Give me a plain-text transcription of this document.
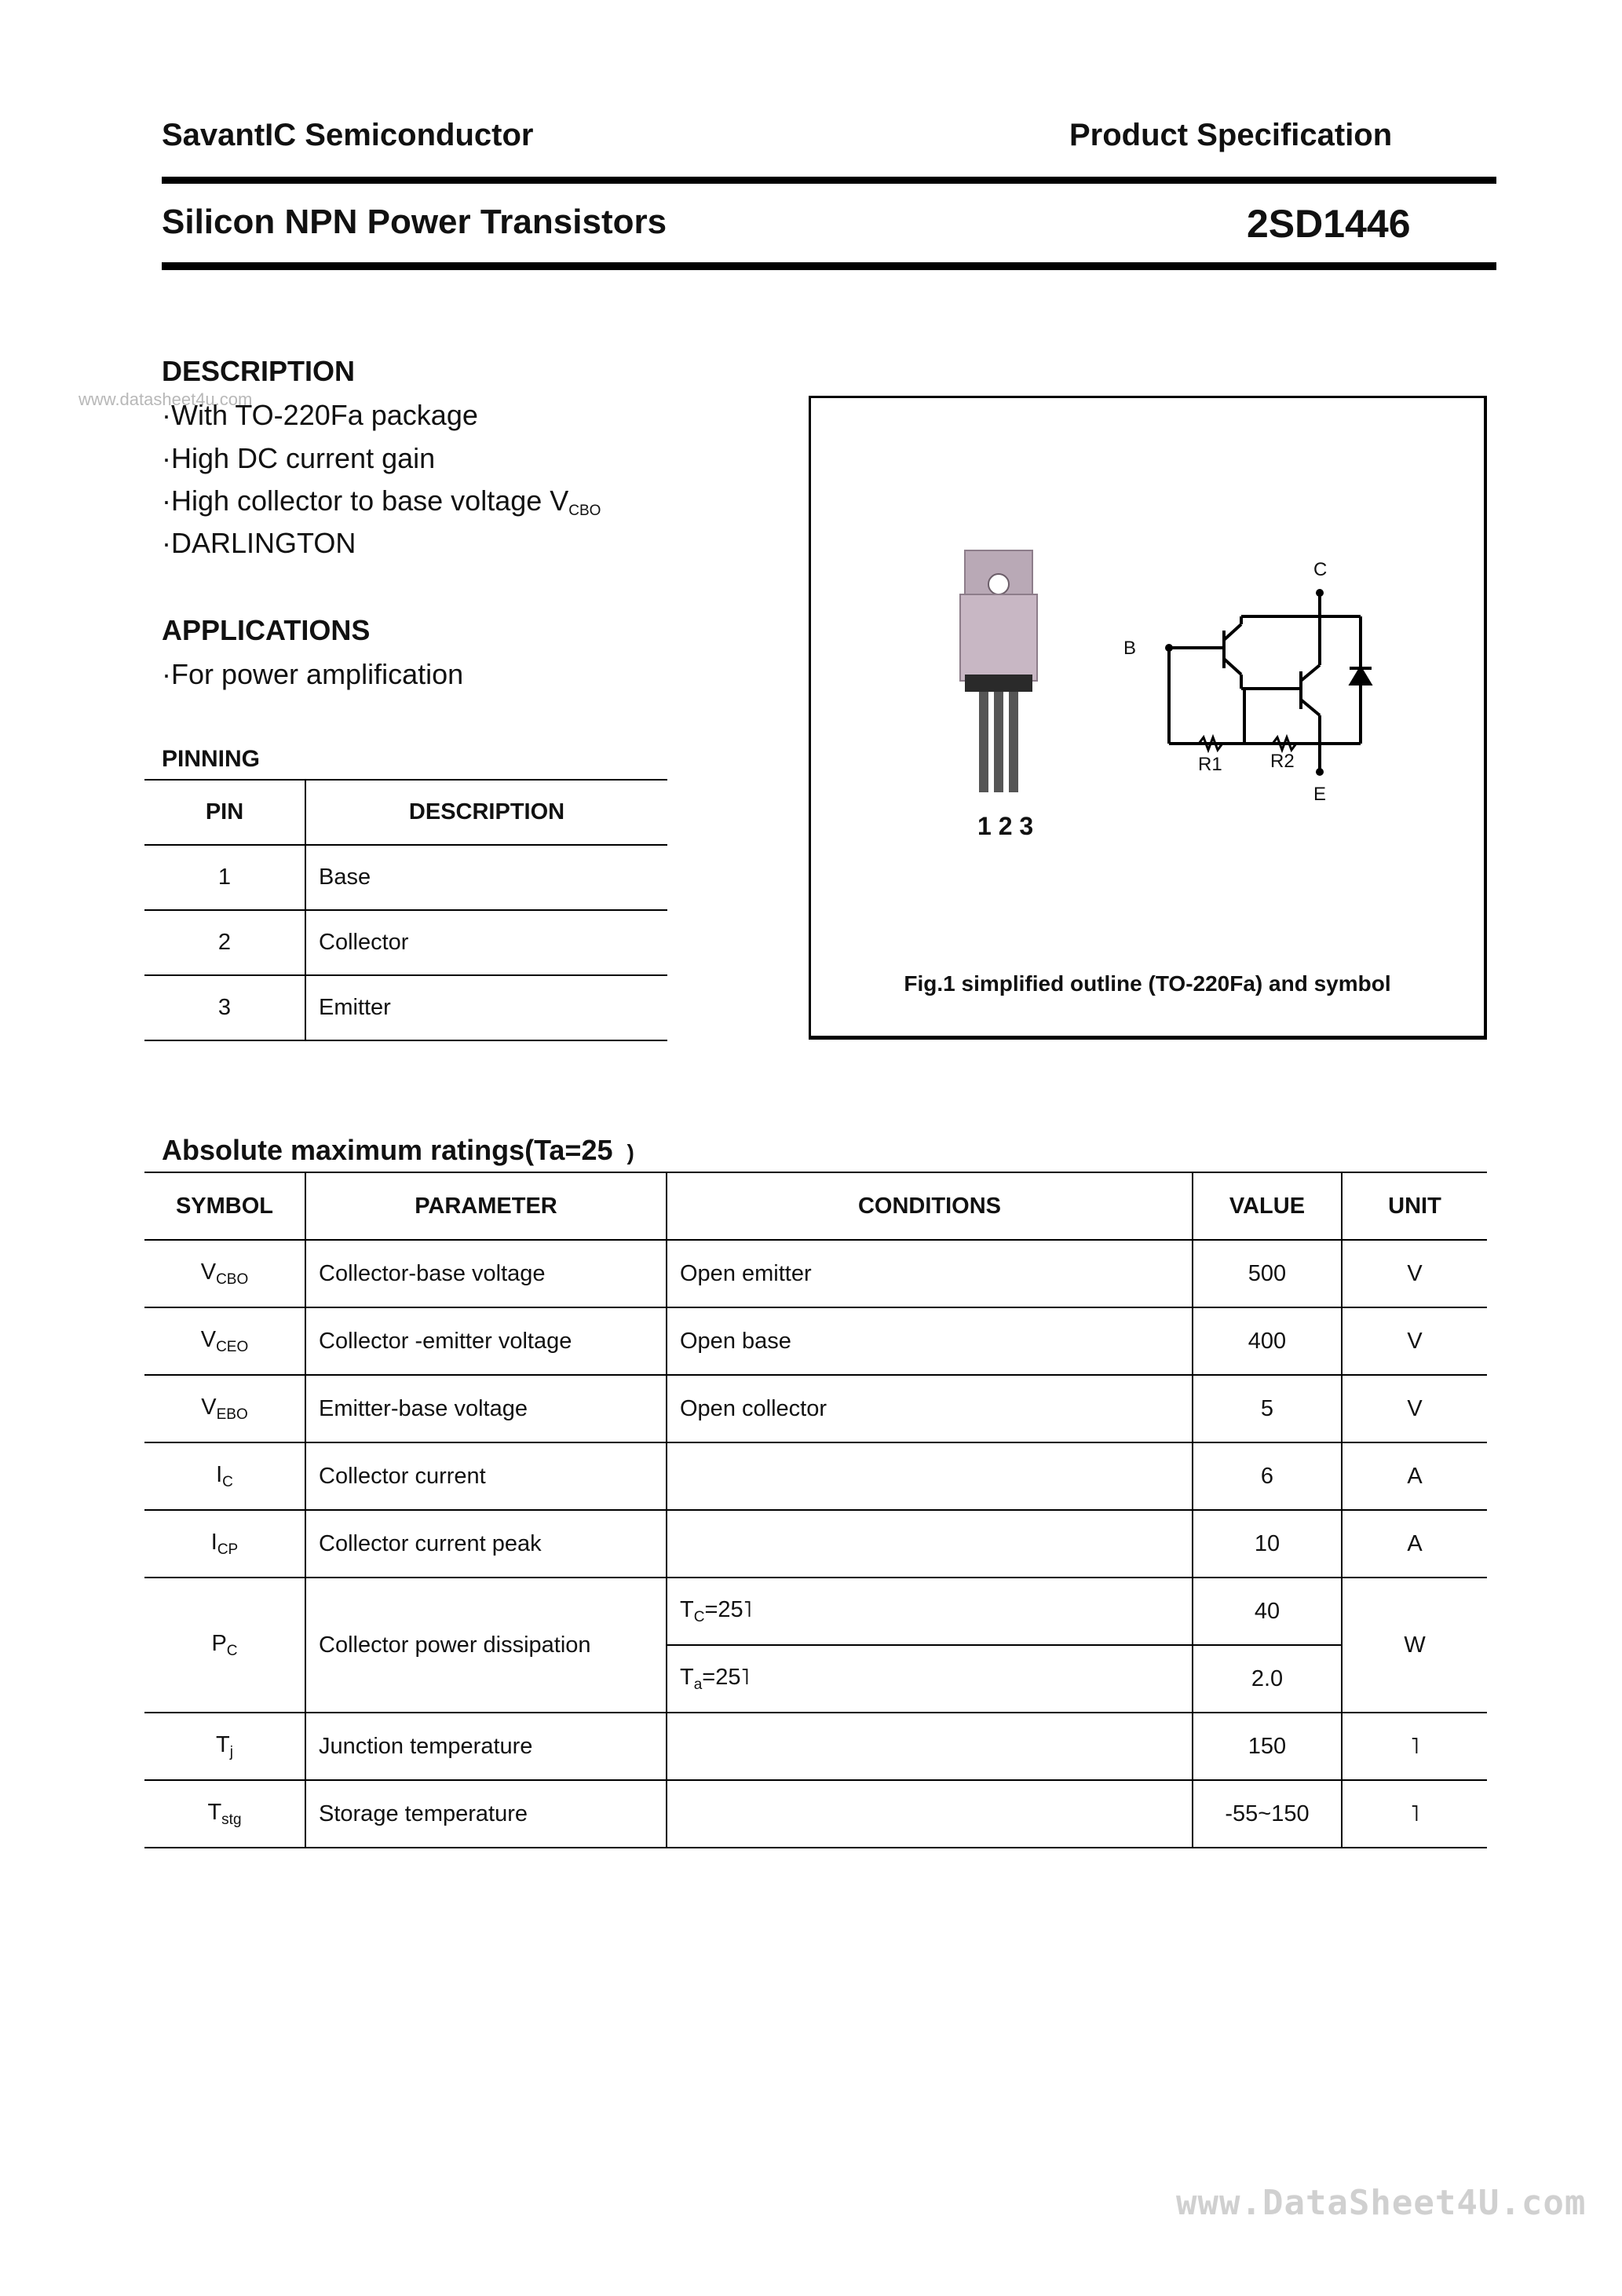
SavantIC Semiconductor	Product Specification
Silicon NPN Power Transistors	2SD1446
www.datasheet4u.com
DESCRIPTION
·With TO-220Fa package
·High DC current gain
·High collector to base voltage $V_{CBO}$
·DARLINGTON
APPLICATIONS
·For power amplification
PINNING
PIN	DESCRIPTION
1	Base
2	Collector
3	Emitter
1 2 3
C
B
E
R1	R2
Fig.1 simplified outline (TO-220Fa) and symbol
Absolute maximum ratings(Ta=25 )
SYMBOL	PARAMETER	CONDITIONS	VALUE	UNIT
$V_{CBO}$	Collector-base voltage	Open emitter	500	V
$V_{CEO}$	Collector -emitter voltage	Open base	400	V
$V_{EBO}$	Emitter-base voltage	Open collector	5	V
$I_C$	Collector current		6	A
$I_{CP}$	Collector current peak		10	A
$P_C$	Collector power dissipation	$T_C=25˥$	40	W
		$T_a=25˥$	2.0	
$T_j$	Junction temperature		150	˥
$T_{stg}$	Storage temperature		-55~150	˥
www.DataSheet4U.com
